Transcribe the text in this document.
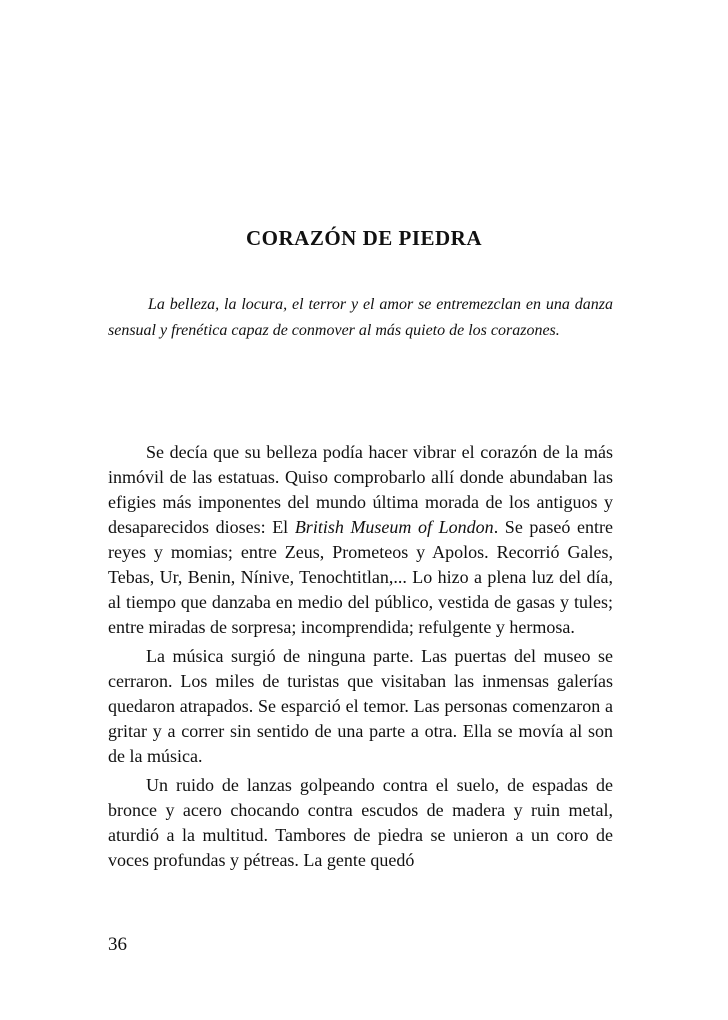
CORAZÓN DE PIEDRA

La belleza, la locura, el terror y el amor se entremezclan en una danza sensual y frenética capaz de conmover al más quieto de los corazones.

Se decía que su belleza podía hacer vibrar el corazón de la más inmóvil de las estatuas. Quiso comprobarlo allí donde abundaban las efigies más imponentes del mundo última morada de los antiguos y desaparecidos dioses: El British Museum of London. Se paseó entre reyes y momias; entre Zeus, Prometeos y Apolos. Recorrió Gales, Tebas, Ur, Benin, Nínive, Tenochtitlan,... Lo hizo a plena luz del día, al tiempo que danzaba en medio del público, vestida de gasas y tules; entre miradas de sorpresa; incomprendida; refulgente y hermosa.

La música surgió de ninguna parte. Las puertas del museo se cerraron. Los miles de turistas que visitaban las inmensas galerías quedaron atrapados. Se esparció el temor. Las personas comenzaron a gritar y a correr sin sentido de una parte a otra. Ella se movía al son de la música.

Un ruido de lanzas golpeando contra el suelo, de espadas de bronce y acero chocando contra escudos de madera y ruin metal, aturdió a la multitud. Tambores de piedra se unieron a un coro de voces profundas y pétreas. La gente quedó

36
